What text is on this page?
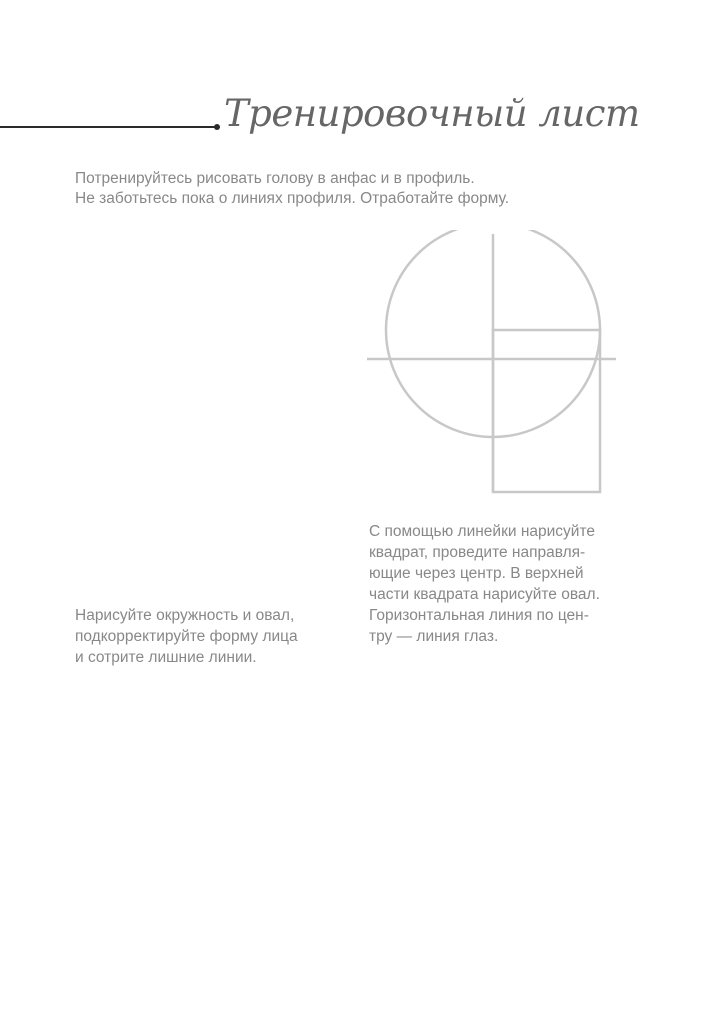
Тренировочный лист

Потренируйтесь рисовать голову в анфас и в профиль.
Не заботьтесь пока о линиях профиля. Отработайте форму.

С помощью линейки нарисуйте
квадрат, проведите направля-
ющие через центр. В верхней
части квадрата нарисуйте овал.
Горизонтальная линия по цен-
тру — линия глаз.

Нарисуйте окружность и овал,
подкорректируйте форму лица
и сотрите лишние линии.
